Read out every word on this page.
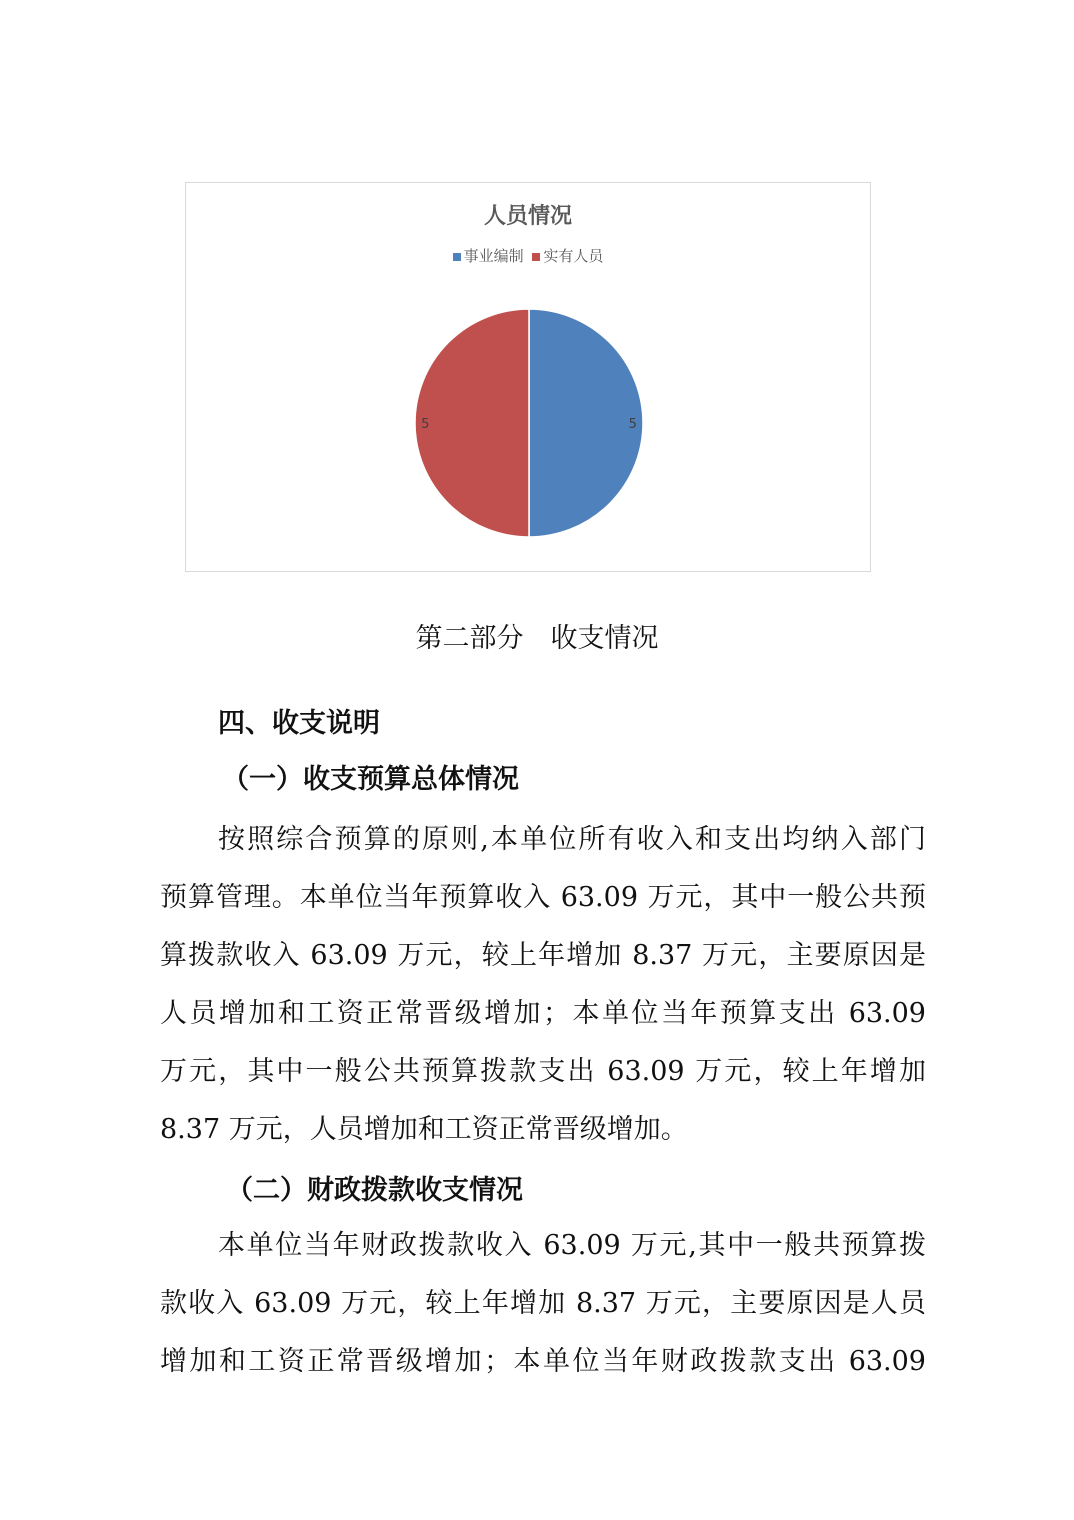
人员情况
事业编制 实有人员
5
5
第二部分　收支情况
四、收支说明
（一）收支预算总体情况
按照综合预算的原则,本单位所有收入和支出均纳入部门
预算管理。本单位当年预算收入 63.09 万元，其中一般公共预
算拨款收入 63.09 万元，较上年增加 8.37 万元，主要原因是
人员增加和工资正常晋级增加；本单位当年预算支出 63.09
万元，其中一般公共预算拨款支出 63.09 万元，较上年增加
8.37 万元，人员增加和工资正常晋级增加。
（二）财政拨款收支情况
本单位当年财政拨款收入 63.09 万元,其中一般共预算拨
款收入 63.09 万元，较上年增加 8.37 万元，主要原因是人员
增加和工资正常晋级增加；本单位当年财政拨款支出 63.09
